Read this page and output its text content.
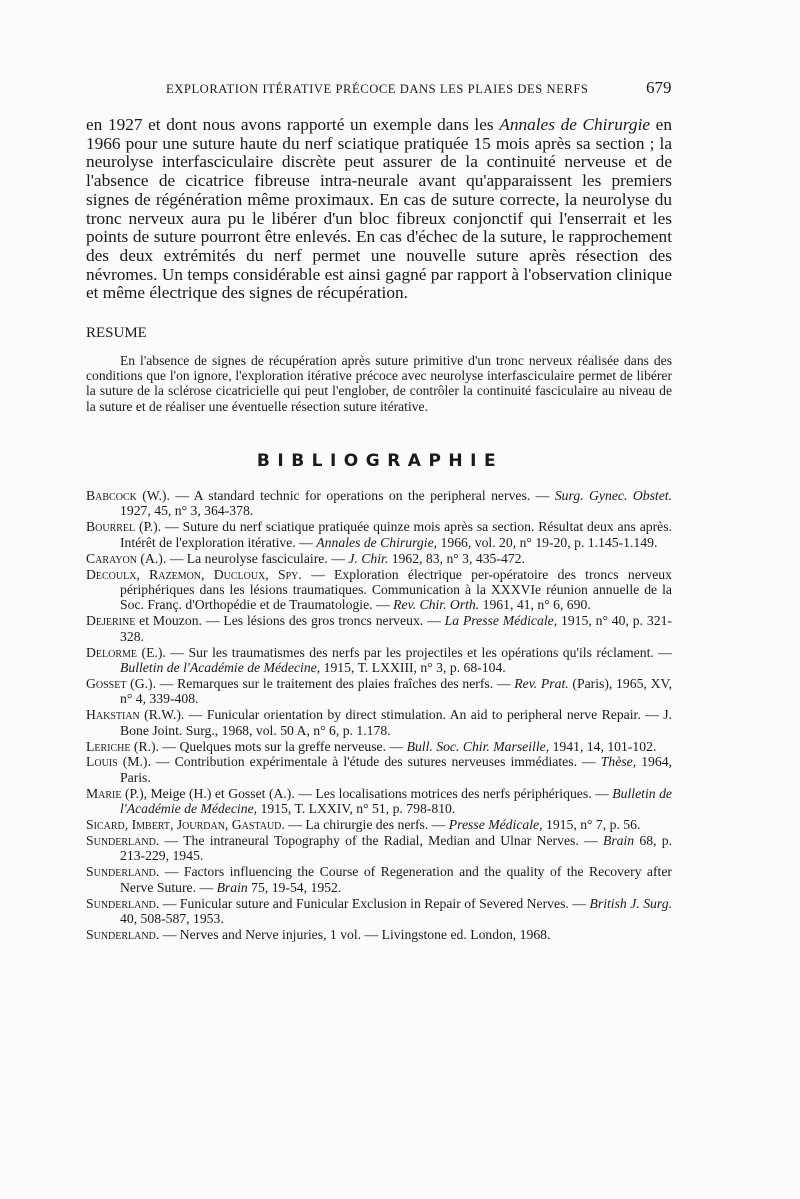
EXPLORATION ITÉRATIVE PRÉCOCE DANS LES PLAIES DES NERFS	679
en 1927 et dont nous avons rapporté un exemple dans les Annales de Chirurgie en 1966 pour une suture haute du nerf sciatique pratiquée 15 mois après sa section ; la neurolyse interfasciculaire discrète peut assurer de la continuité nerveuse et de l'absence de cicatrice fibreuse intra-neurale avant qu'apparaissent les premiers signes de régénération même proximaux. En cas de suture correcte, la neurolyse du tronc nerveux aura pu le libérer d'un bloc fibreux conjonctif qui l'enserrait et les points de suture pourront être enlevés. En cas d'échec de la suture, le rapprochement des deux extrémités du nerf permet une nouvelle suture après résection des névromes. Un temps considérable est ainsi gagné par rapport à l'observation clinique et même électrique des signes de récupération.
RESUME
En l'absence de signes de récupération après suture primitive d'un tronc nerveux réalisée dans des conditions que l'on ignore, l'exploration itérative précoce avec neurolyse interfasciculaire permet de libérer la suture de la sclérose cicatricielle qui peut l'englober, de contrôler la continuité fasciculaire au niveau de la suture et de réaliser une éventuelle résection suture itérative.
BIBLIOGRAPHIE
Babcock (W.). — A standard technic for operations on the peripheral nerves. — Surg. Gynec. Obstet. 1927, 45, n° 3, 364-378.
Bourrel (P.). — Suture du nerf sciatique pratiquée quinze mois après sa section. Résultat deux ans après. Intérêt de l'exploration itérative. — Annales de Chirurgie, 1966, vol. 20, n° 19-20, p. 1.145-1.149.
Carayon (A.). — La neurolyse fasciculaire. — J. Chir. 1962, 83, n° 3, 435-472.
Decoulx, Razemon, Ducloux, Spy. — Exploration électrique per-opératoire des troncs nerveux périphériques dans les lésions traumatiques. Communication à la XXXVIe réunion annuelle de la Soc. Franç. d'Orthopédie et de Traumatologie. — Rev. Chir. Orth. 1961, 41, n° 6, 690.
Dejerine et Mouzon. — Les lésions des gros troncs nerveux. — La Presse Médicale, 1915, n° 40, p. 321-328.
Delorme (E.). — Sur les traumatismes des nerfs par les projectiles et les opérations qu'ils réclament. — Bulletin de l'Académie de Médecine, 1915, T. LXXIII, n° 3, p. 68-104.
Gosset (G.). — Remarques sur le traitement des plaies fraîches des nerfs. — Rev. Prat. (Paris), 1965, XV, n° 4, 339-408.
Hakstian (R.W.). — Funicular orientation by direct stimulation. An aid to peripheral nerve Repair. — J. Bone Joint. Surg., 1968, vol. 50 A, n° 6, p. 1.178.
Leriche (R.). — Quelques mots sur la greffe nerveuse. — Bull. Soc. Chir. Marseille, 1941, 14, 101-102.
Louis (M.). — Contribution expérimentale à l'étude des sutures nerveuses immédiates. — Thèse, 1964, Paris.
Marie (P.), Meige (H.) et Gosset (A.). — Les localisations motrices des nerfs périphériques. — Bulletin de l'Académie de Médecine, 1915, T. LXXIV, n° 51, p. 798-810.
Sicard, Imbert, Jourdan, Gastaud. — La chirurgie des nerfs. — Presse Médicale, 1915, n° 7, p. 56.
Sunderland. — The intraneural Topography of the Radial, Median and Ulnar Nerves. — Brain 68, p. 213-229, 1945.
Sunderland. — Factors influencing the Course of Regeneration and the quality of the Recovery after Nerve Suture. — Brain 75, 19-54, 1952.
Sunderland. — Funicular suture and Funicular Exclusion in Repair of Severed Nerves. — British J. Surg. 40, 508-587, 1953.
Sunderland. — Nerves and Nerve injuries, 1 vol. — Livingstone ed. London, 1968.
